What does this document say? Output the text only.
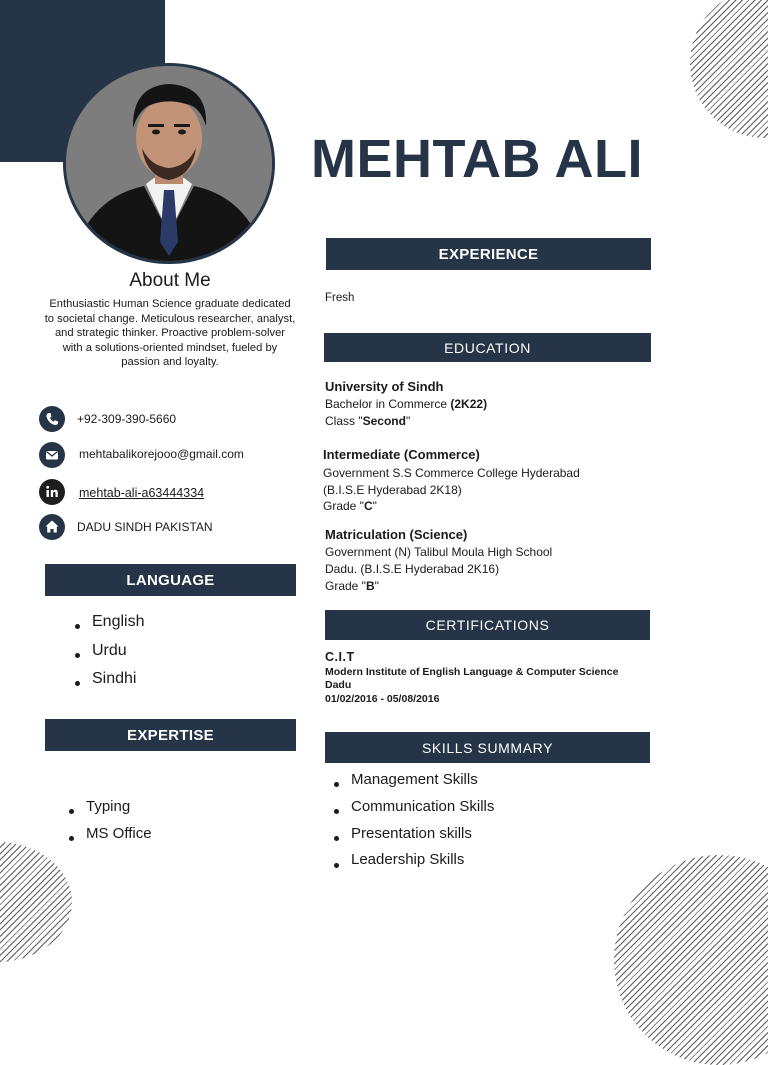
MEHTAB ALI
About Me
Enthusiastic Human Science graduate dedicated to societal change. Meticulous researcher, analyst, and strategic thinker. Proactive problem-solver with a solutions-oriented mindset, fueled by passion and loyalty.
+92-309-390-5660
mehtabalikorejooo@gmail.com
mehtab-ali-a63444334
DADU SINDH PAKISTAN
LANGUAGE
English
Urdu
Sindhi
EXPERTISE
Typing
MS Office
EXPERIENCE
Fresh
EDUCATION
University of Sindh
Bachelor in Commerce (2K22)
Class "Second"
Intermediate (Commerce)
Government S.S Commerce College Hyderabad
(B.I.S.E Hyderabad 2K18)
Grade "C"
Matriculation (Science)
Government (N) Talibul Moula High School
Dadu. (B.I.S.E Hyderabad 2K16)
Grade "B"
CERTIFICATIONS
C.I.T
Modern Institute of English Language & Computer Science
Dadu
01/02/2016 - 05/08/2016
SKILLS SUMMARY
Management Skills
Communication Skills
Presentation skills
Leadership Skills
